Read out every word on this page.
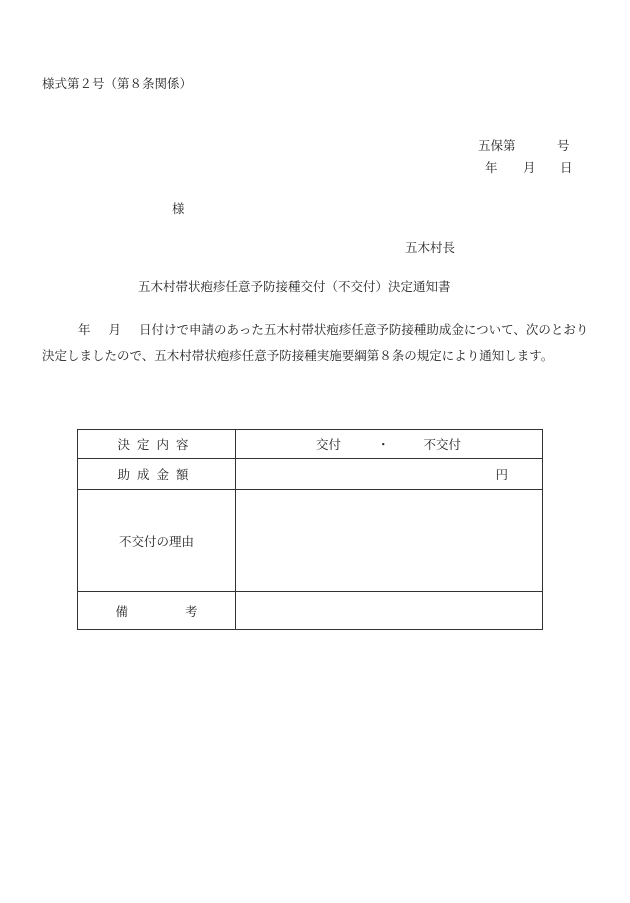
様式第２号（第８条関係）
五保第	号
年 月 日
様
五木村長
五木村帯状疱疹任意予防接種交付（不交付）決定通知書
年 月 日付けで申請のあった五木村帯状疱疹任意予防接種助成金について、次のとおり決定しましたので、五木村帯状疱疹任意予防接種実施要綱第８条の規定により通知します。
決定内容	交付 ・ 不交付
助成金額	円
不交付の理由	

備 考	
